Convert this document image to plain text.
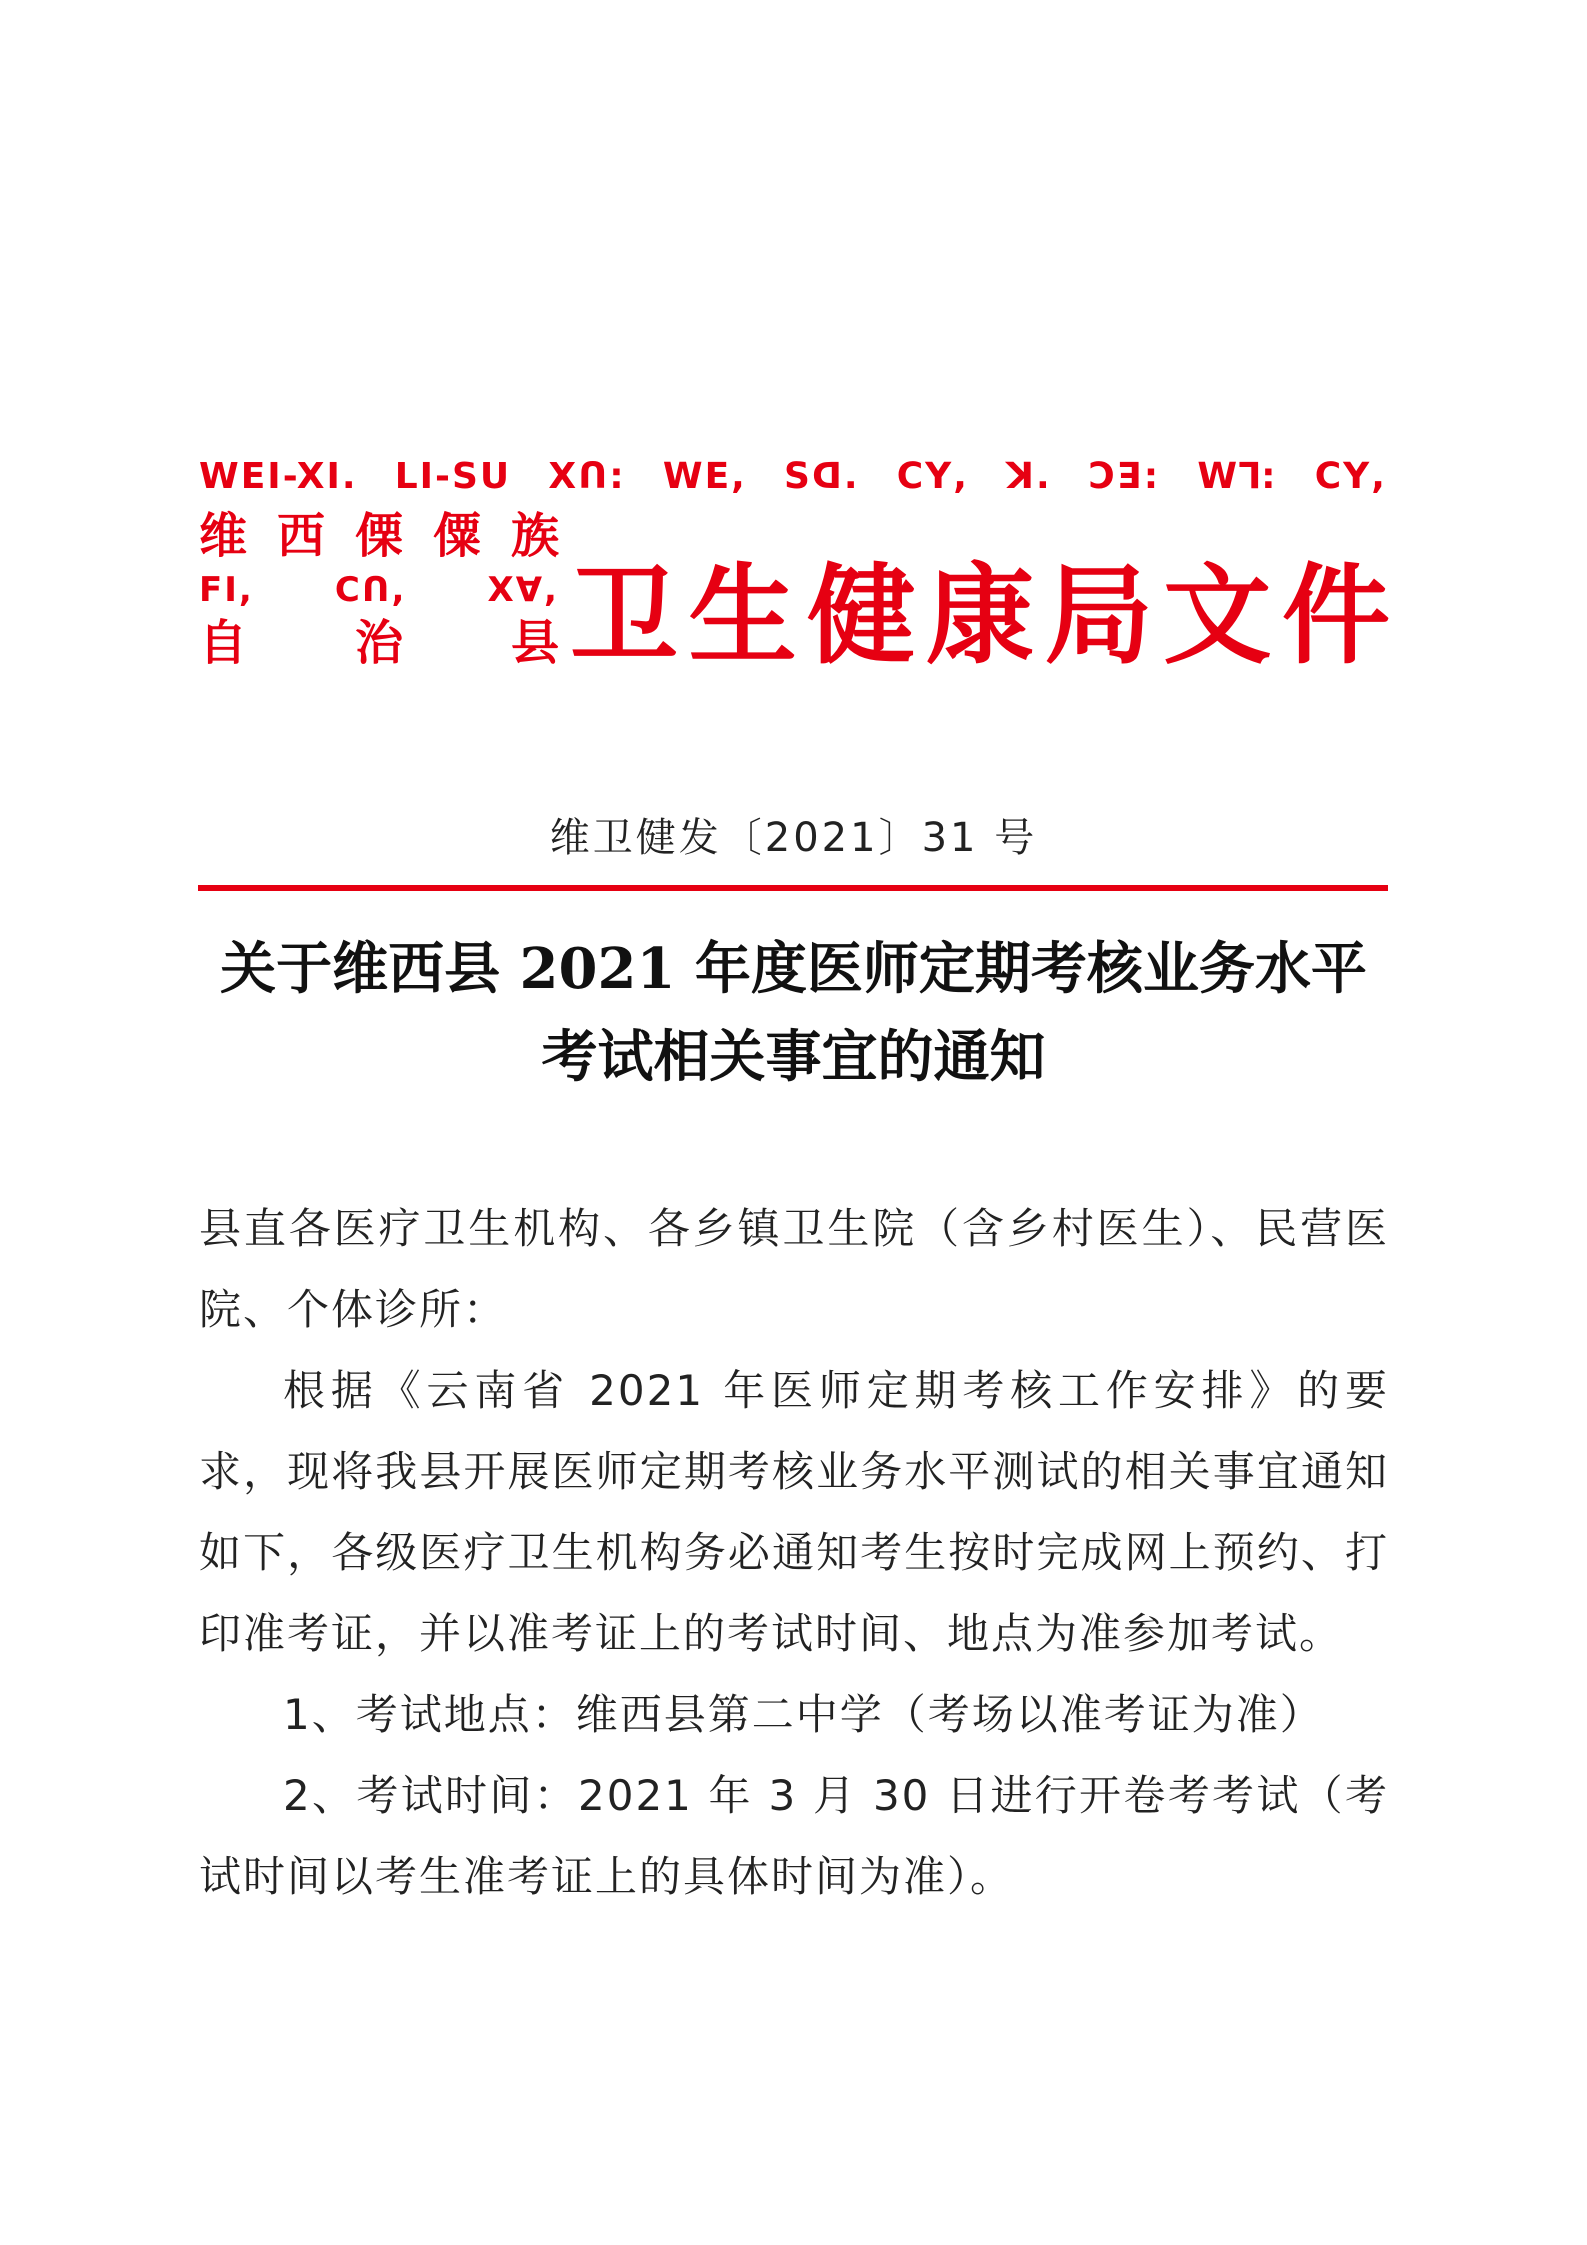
WEI-XI. LI-SU Xꓵ: ꓪꓰ, ꓢꓷ. ꓚꓬ, ꓘ. ꓛꓱ: ꓪꓶ: ꓚꓬ,
维 西 傈 僳 族
ꓝꓲ, ꓚꓵ, ꓫꓯ,
自 治 县 卫 生 健 康 局 文 件
维卫健发〔2021〕31 号
关于维西县 2021 年度医师定期考核业务水平
考试相关事宜的通知

县直各医疗卫生机构、各乡镇卫生院（含乡村医生）、民营医院、个体诊所：

根据《云南省 2021 年医师定期考核工作安排》的要求，现将我县开展医师定期考核业务水平测试的相关事宜通知如下，各级医疗卫生机构务必通知考生按时完成网上预约、打印准考证，并以准考证上的考试时间、地点为准参加考试。

1、考试地点：维西县第二中学（考场以准考证为准）

2、考试时间：2021 年 3 月 30 日进行开卷考考试（考试时间以考生准考证上的具体时间为准）。
